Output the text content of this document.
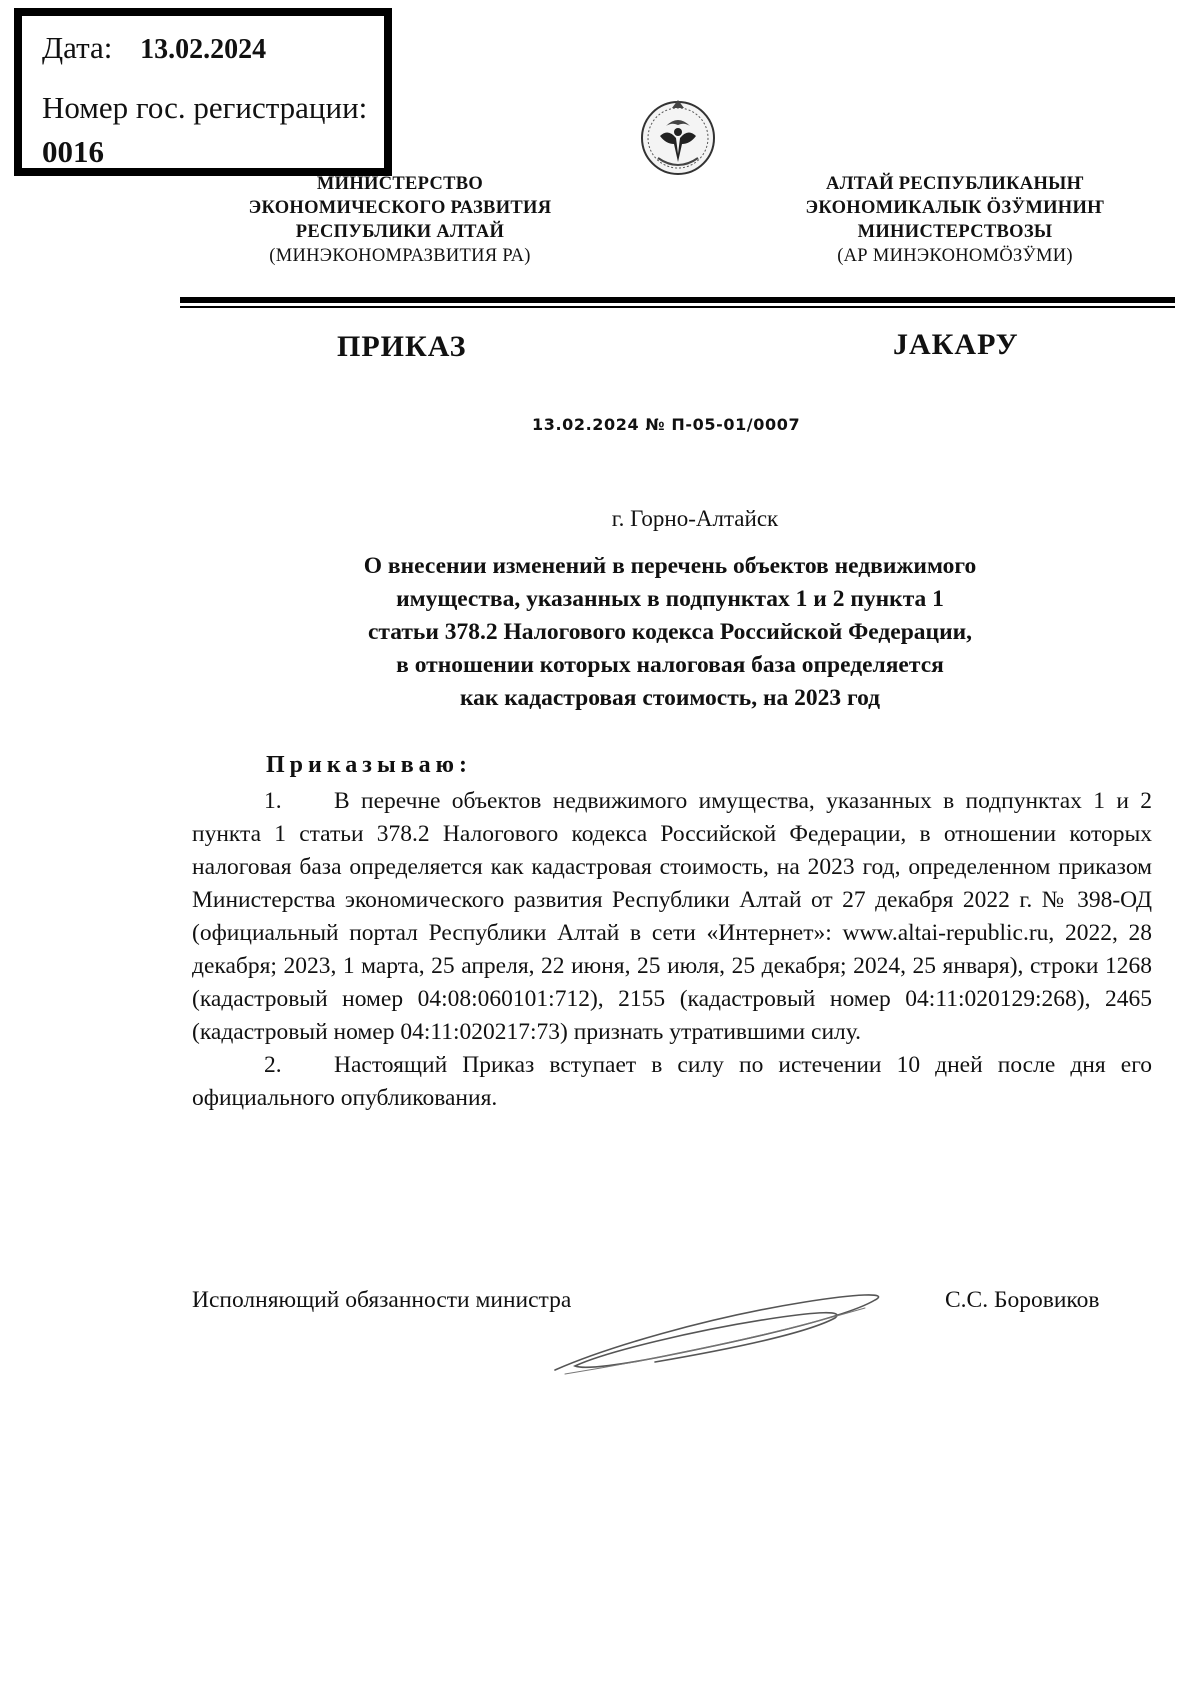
Дата: 13.02.2024
Номер гос. регистрации:
0016
МИНИСТЕРСТВО
ЭКОНОМИЧЕСКОГО РАЗВИТИЯ
РЕСПУБЛИКИ АЛТАЙ
(МИНЭКОНОМРАЗВИТИЯ РА)
АЛТАЙ РЕСПУБЛИКАНЫҤ
ЭКОНОМИКАЛЫК ӦЗӰМИНИҤ
МИНИСТЕРСТВОЗЫ
(АР МИНЭКОНОМӦЗӰМИ)
ПРИКАЗ	JАКАРУ
13.02.2024 № П-05-01/0007
г. Горно-Алтайск
О внесении изменений в перечень объектов недвижимого
имущества, указанных в подпунктах 1 и 2 пункта 1
статьи 378.2 Налогового кодекса Российской Федерации,
в отношении которых налоговая база определяется
как кадастровая стоимость, на 2023 год
Приказываю:
1. В перечне объектов недвижимого имущества, указанных в подпунктах 1 и 2 пункта 1 статьи 378.2 Налогового кодекса Российской Федерации, в отношении которых налоговая база определяется как кадастровая стоимость, на 2023 год, определенном приказом Министерства экономического развития Республики Алтай от 27 декабря 2022 г. № 398-ОД (официальный портал Республики Алтай в сети «Интернет»: www.altai-republic.ru, 2022, 28 декабря; 2023, 1 марта, 25 апреля, 22 июня, 25 июля, 25 декабря; 2024, 25 января), строки 1268 (кадастровый номер 04:08:060101:712), 2155 (кадастровый номер 04:11:020129:268), 2465 (кадастровый номер 04:11:020217:73) признать утратившими силу.
2. Настоящий Приказ вступает в силу по истечении 10 дней после дня его официального опубликования.
Исполняющий обязанности министра	С.С. Боровиков
